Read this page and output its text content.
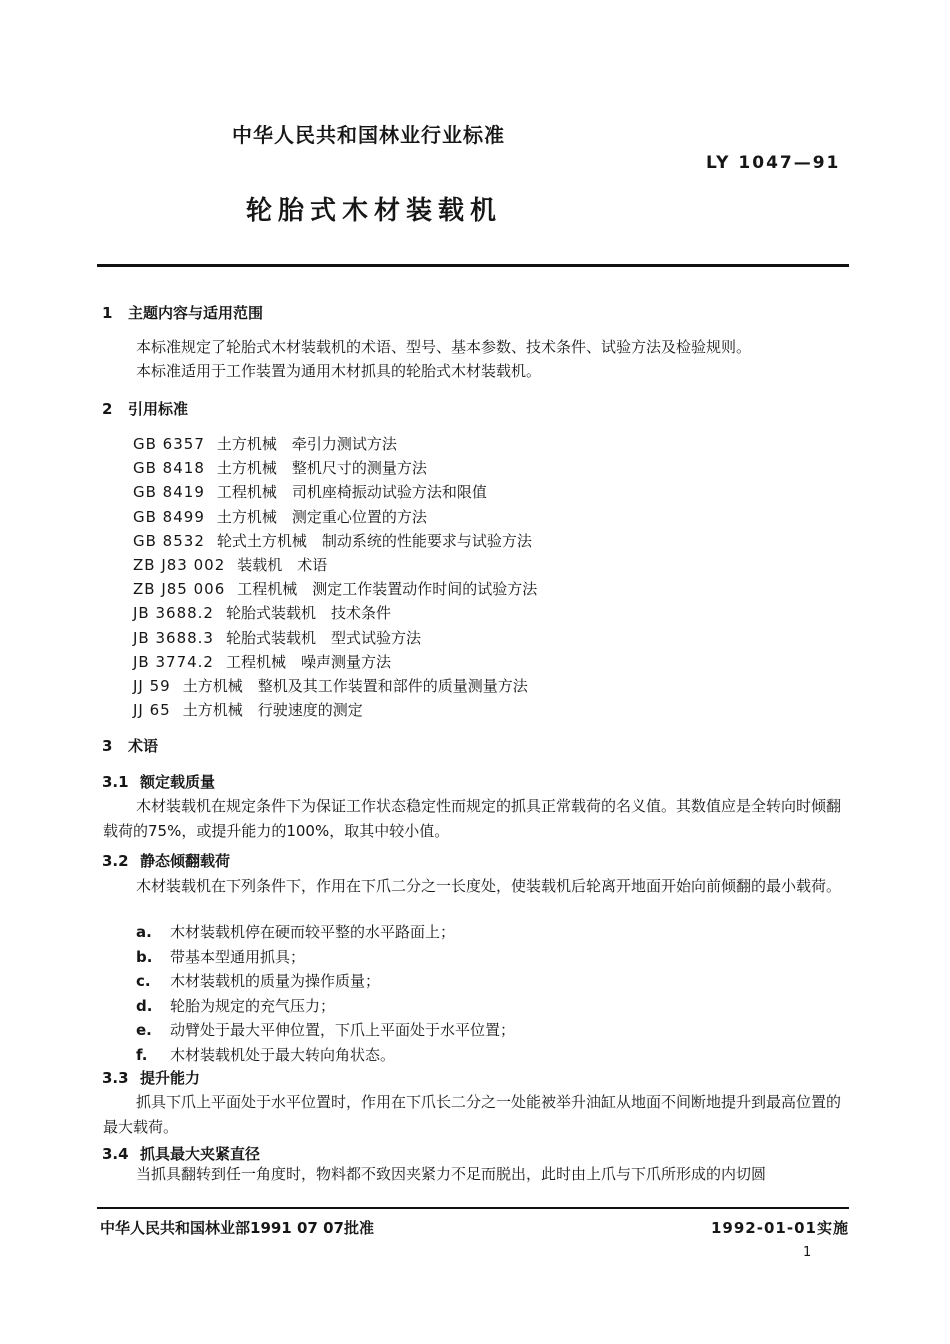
中华人民共和国林业行业标准
LY 1047—91
轮胎式木材装载机
1 主题内容与适用范围
本标准规定了轮胎式木材装载机的术语、型号、基本参数、技术条件、试验方法及检验规则。
本标准适用于工作装置为通用木材抓具的轮胎式木材装载机。
2 引用标准
GB 6357 土方机械　牵引力测试方法
GB 8418 土方机械　整机尺寸的测量方法
GB 8419 工程机械　司机座椅振动试验方法和限值
GB 8499 土方机械　测定重心位置的方法
GB 8532 轮式土方机械　制动系统的性能要求与试验方法
ZB J83 002 装载机　术语
ZB J85 006 工程机械　测定工作装置动作时间的试验方法
JB 3688.2 轮胎式装载机　技术条件
JB 3688.3 轮胎式装载机　型式试验方法
JB 3774.2 工程机械　噪声测量方法
JJ 59 土方机械　整机及其工作装置和部件的质量测量方法
JJ 65 土方机械　行驶速度的测定
3 术语
3.1 额定载质量
木材装载机在规定条件下为保证工作状态稳定性而规定的抓具正常载荷的名义值。其数值应是全转向时倾翻载荷的75%，或提升能力的100%，取其中较小值。
3.2 静态倾翻载荷
木材装载机在下列条件下，作用在下爪二分之一长度处，使装载机后轮离开地面开始向前倾翻的最小载荷。
a. 木材装载机停在硬而较平整的水平路面上；
b. 带基本型通用抓具；
c. 木材装载机的质量为操作质量；
d. 轮胎为规定的充气压力；
e. 动臂处于最大平伸位置，下爪上平面处于水平位置；
f. 木材装载机处于最大转向角状态。
3.3 提升能力
抓具下爪上平面处于水平位置时，作用在下爪长二分之一处能被举升油缸从地面不间断地提升到最高位置的最大载荷。
3.4 抓具最大夹紧直径
当抓具翻转到任一角度时，物料都不致因夹紧力不足而脱出，此时由上爪与下爪所形成的内切圆
中华人民共和国林业部1991 07 07批准	1992-01-01实施
1
